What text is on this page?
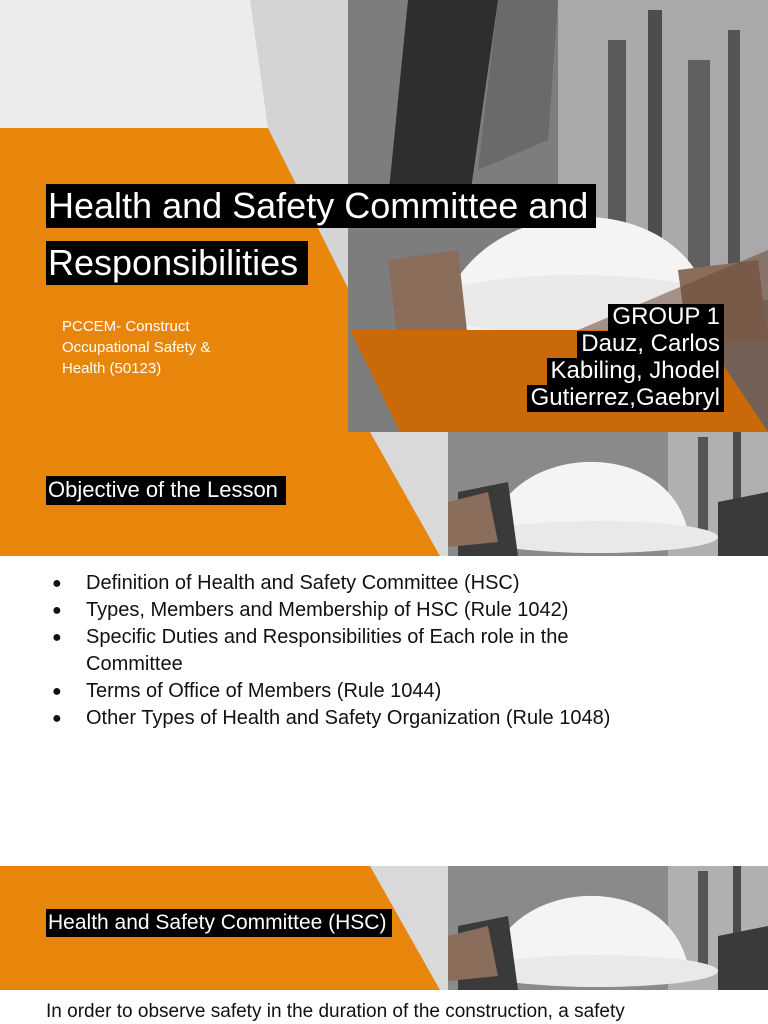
Health and Safety Committee and
Responsibilities
PCCEM- Construct
Occupational Safety &
Health (50123)
GROUP 1
Dauz, Carlos
Kabiling, Jhodel
Gutierrez,Gaebryl
Objective of the Lesson
● Definition of Health and Safety Committee (HSC)
● Types, Members and Membership of HSC (Rule 1042)
● Specific Duties and Responsibilities of Each role in the Committee
● Terms of Office of Members (Rule 1044)
● Other Types of Health and Safety Organization (Rule 1048)
Health and Safety Committee (HSC)
In order to observe safety in the duration of the construction, a safety
